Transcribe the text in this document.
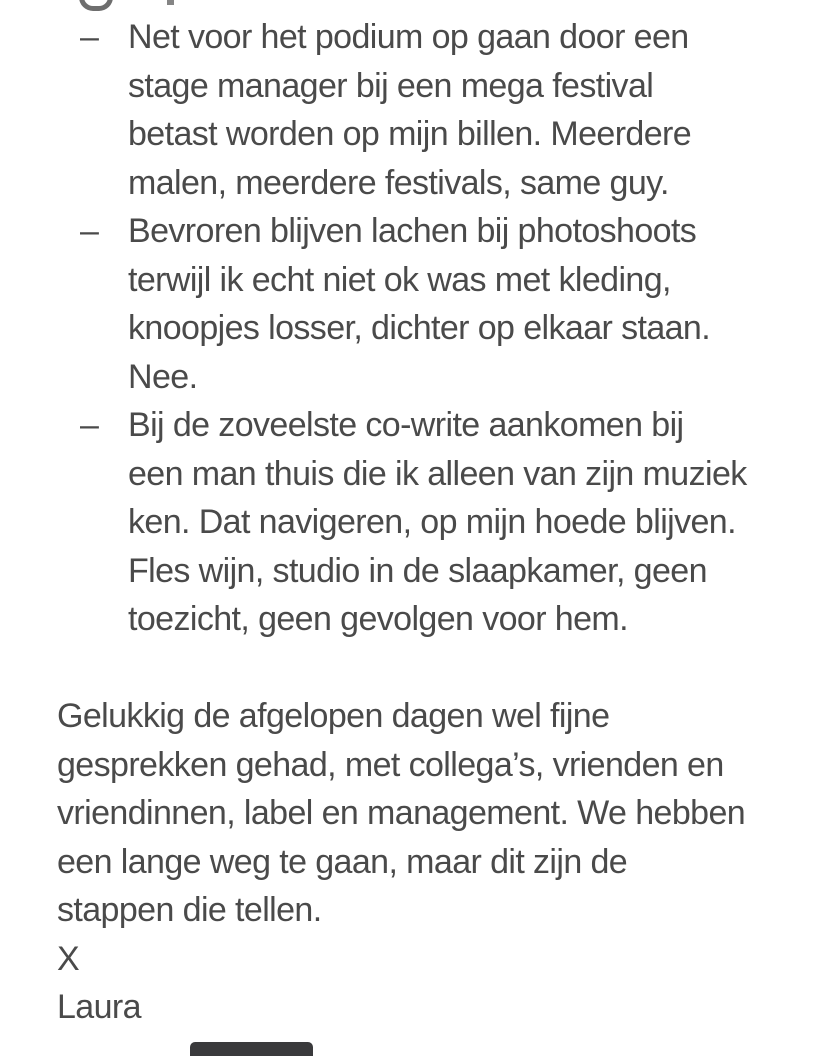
– Net voor het podium op gaan door een
stage manager bij een mega festival
betast worden op mijn billen. Meerdere
malen, meerdere festivals, same guy.
– Bevroren blijven lachen bij photoshoots
terwijl ik echt niet ok was met kleding,
knoopjes losser, dichter op elkaar staan.
Nee.
– Bij de zoveelste co-write aankomen bij
een man thuis die ik alleen van zijn muziek
ken. Dat navigeren, op mijn hoede blijven.
Fles wijn, studio in de slaapkamer, geen
toezicht, geen gevolgen voor hem.
Gelukkig de afgelopen dagen wel fijne
gesprekken gehad, met collega’s, vrienden en
vriendinnen, label en management. We hebben
een lange weg te gaan, maar dit zijn de
stappen die tellen.
X
Laura
